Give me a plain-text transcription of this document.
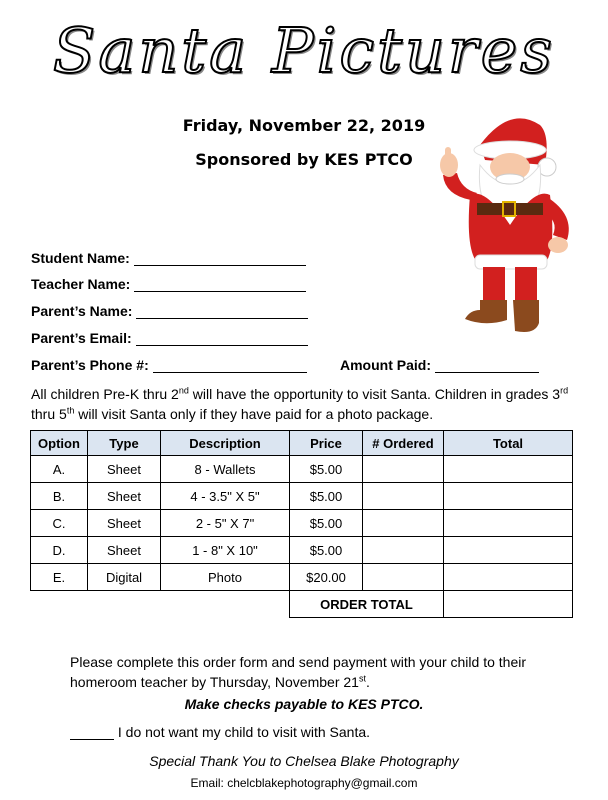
Santa Pictures
Friday, November 22, 2019
Sponsored by KES PTCO
Student Name:
Teacher Name:
Parent’s Name:
Parent’s Email:
Parent’s Phone #:	Amount Paid:
All children Pre-K thru 2nd will have the opportunity to visit Santa. Children in grades 3rd thru 5th will visit Santa only if they have paid for a photo package.
Option	Type	Description	Price	# Ordered	Total
A.	Sheet	8 - Wallets	$5.00		
B.	Sheet	4 - 3.5" X 5"	$5.00		
C.	Sheet	2 - 5" X 7"	$5.00		
D.	Sheet	1 - 8" X 10"	$5.00		
E.	Digital	Photo	$20.00		
			ORDER TOTAL		
Please complete this order form and send payment with your child to their homeroom teacher by Thursday, November 21st.
Make checks payable to KES PTCO.
I do not want my child to visit with Santa.
Special Thank You to Chelsea Blake Photography
Email: chelcblakephotography@gmail.com
